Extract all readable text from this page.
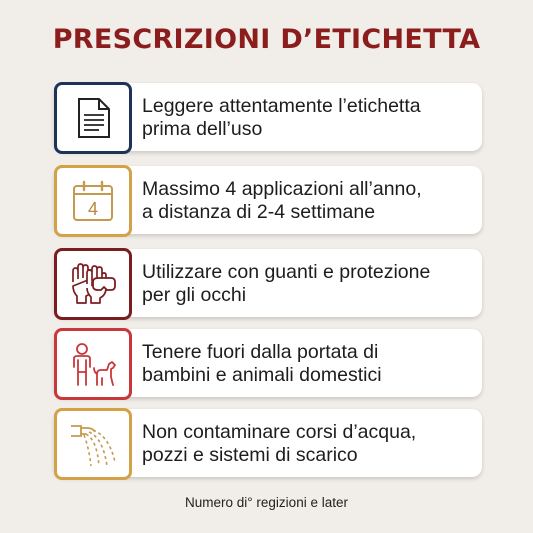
PRESCRIZIONI D’ETICHETTA
Leggere attentamente l’etichetta
prima dell’uso
4
Massimo 4 applicazioni all’anno,
a distanza di 2-4 settimane
Utilizzare con guanti e protezione
per gli occhi
Tenere fuori dalla portata di
bambini e animali domestici
Non contaminare corsi d’acqua,
pozzi e sistemi di scarico
Numero di° regizioni e later
